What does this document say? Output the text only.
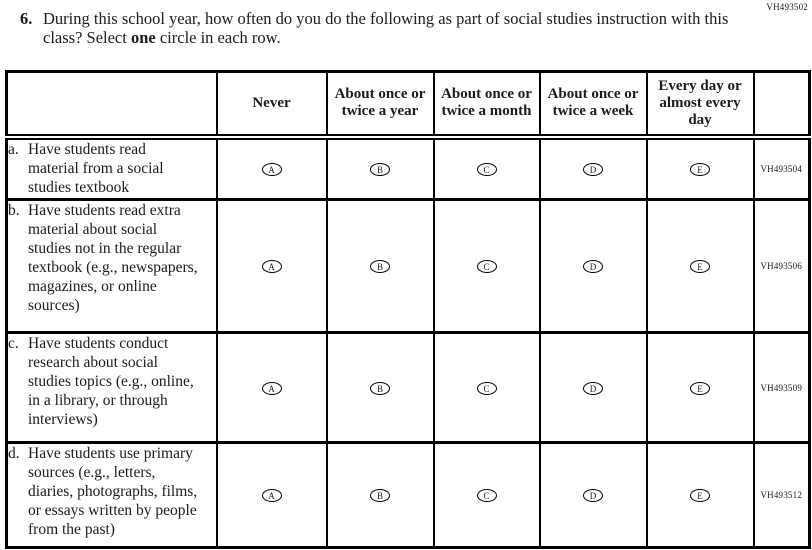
VH493502
6. During this school year, how often do you do the following as part of social studies instruction with this class? Select one circle in each row.
	Never	About once or twice a year	About once or twice a month	About once or twice a week	Every day or almost every day	

a. Have students read material from a social studies textbook	A	B	C	D	E	VH493504

b. Have students read extra material about social studies not in the regular textbook (e.g., newspapers, magazines, or online sources)	A	B	C	D	E	VH493506

c. Have students conduct research about social studies topics (e.g., online, in a library, or through interviews)	A	B	C	D	E	VH493509

d. Have students use primary sources (e.g., letters, diaries, photographs, films, or essays written by people from the past)	A	B	C	D	E	VH493512
